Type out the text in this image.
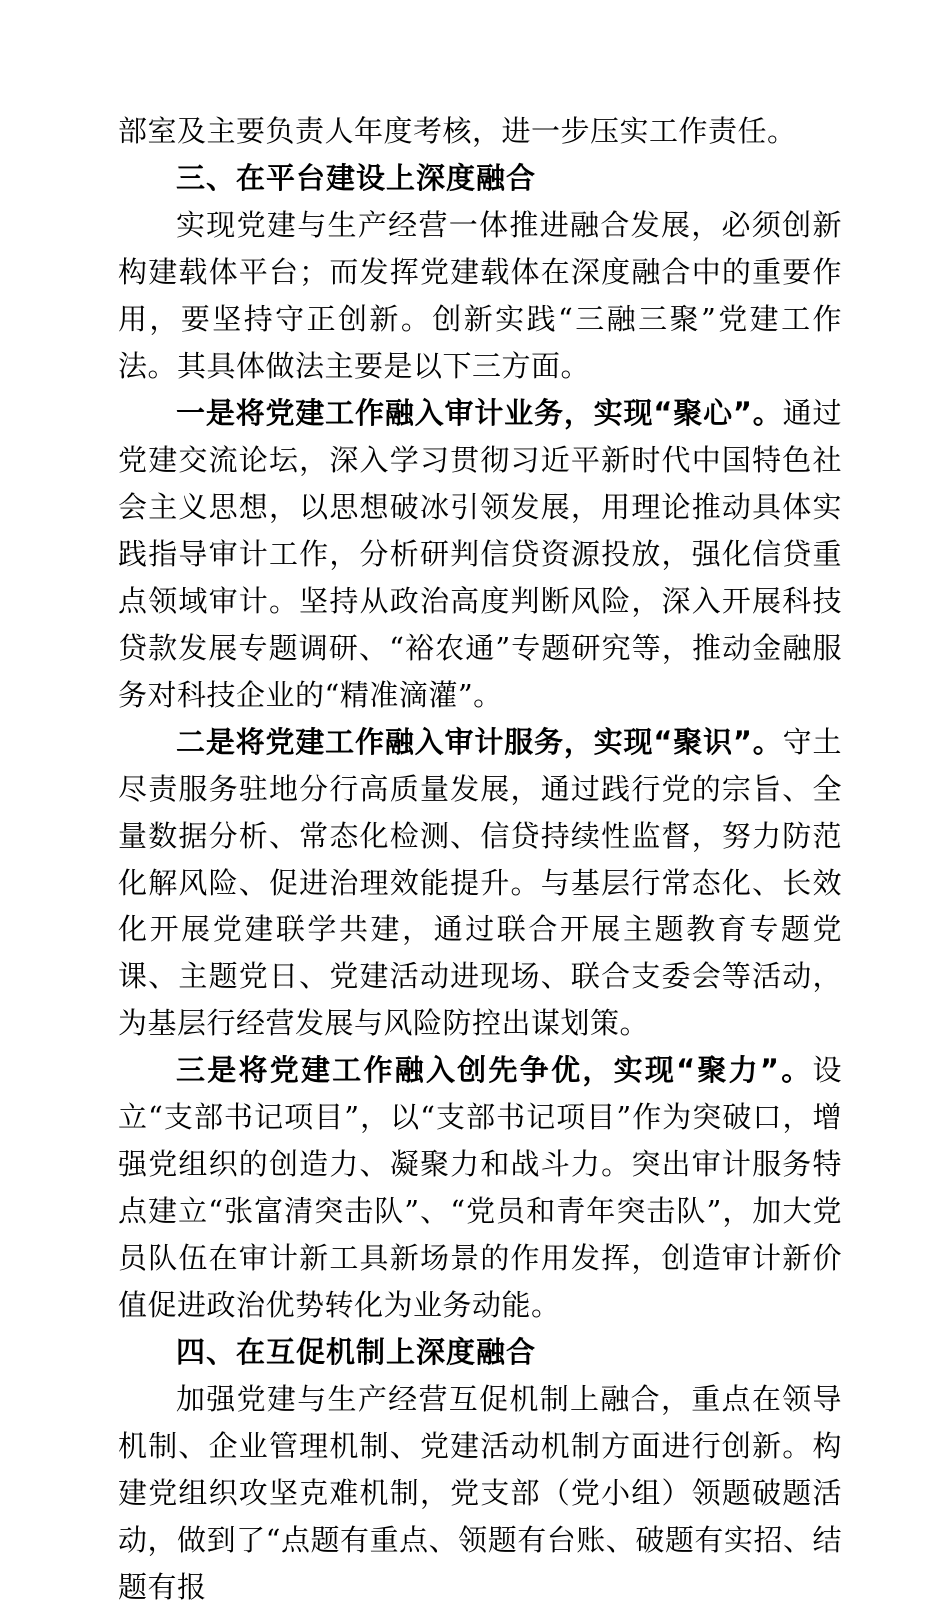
部室及主要负责人年度考核，进一步压实工作责任。

三、在平台建设上深度融合

实现党建与生产经营一体推进融合发展，必须创新构建载体平台；而发挥党建载体在深度融合中的重要作用，要坚持守正创新。创新实践“三融三聚”党建工作法。其具体做法主要是以下三方面。

一是将党建工作融入审计业务，实现“聚心”。通过党建交流论坛，深入学习贯彻习近平新时代中国特色社会主义思想，以思想破冰引领发展，用理论推动具体实践指导审计工作，分析研判信贷资源投放，强化信贷重点领域审计。坚持从政治高度判断风险，深入开展科技贷款发展专题调研、“裕农通”专题研究等，推动金融服务对科技企业的“精准滴灌”。

二是将党建工作融入审计服务，实现“聚识”。守土尽责服务驻地分行高质量发展，通过践行党的宗旨、全量数据分析、常态化检测、信贷持续性监督，努力防范化解风险、促进治理效能提升。与基层行常态化、长效化开展党建联学共建，通过联合开展主题教育专题党课、主题党日、党建活动进现场、联合支委会等活动，为基层行经营发展与风险防控出谋划策。

三是将党建工作融入创先争优，实现“聚力”。设立“支部书记项目”，以“支部书记项目”作为突破口，增强党组织的创造力、凝聚力和战斗力。突出审计服务特点建立“张富清突击队”、“党员和青年突击队”，加大党员队伍在审计新工具新场景的作用发挥，创造审计新价值促进政治优势转化为业务动能。

四、在互促机制上深度融合

加强党建与生产经营互促机制上融合，重点在领导机制、企业管理机制、党建活动机制方面进行创新。构建党组织攻坚克难机制，党支部（党小组）领题破题活动，做到了“点题有重点、领题有台账、破题有实招、结题有报
